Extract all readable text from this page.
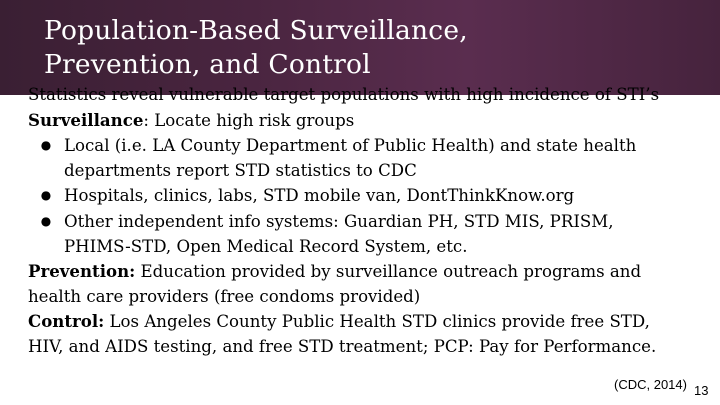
Population-Based Surveillance,
Prevention, and Control
Statistics reveal vulnerable target populations with high incidence of STI’s
Surveillance: Locate high risk groups
● Local (i.e. LA County Department of Public Health) and state health
departments report STD statistics to CDC
● Hospitals, clinics, labs, STD mobile van, DontThinkKnow.org
● Other independent info systems: Guardian PH, STD MIS, PRISM,
PHIMS-STD, Open Medical Record System, etc.
Prevention: Education provided by surveillance outreach programs and
health care providers (free condoms provided)
Control: Los Angeles County Public Health STD clinics provide free STD,
HIV, and AIDS testing, and free STD treatment; PCP: Pay for Performance.
(CDC, 2014) 13
